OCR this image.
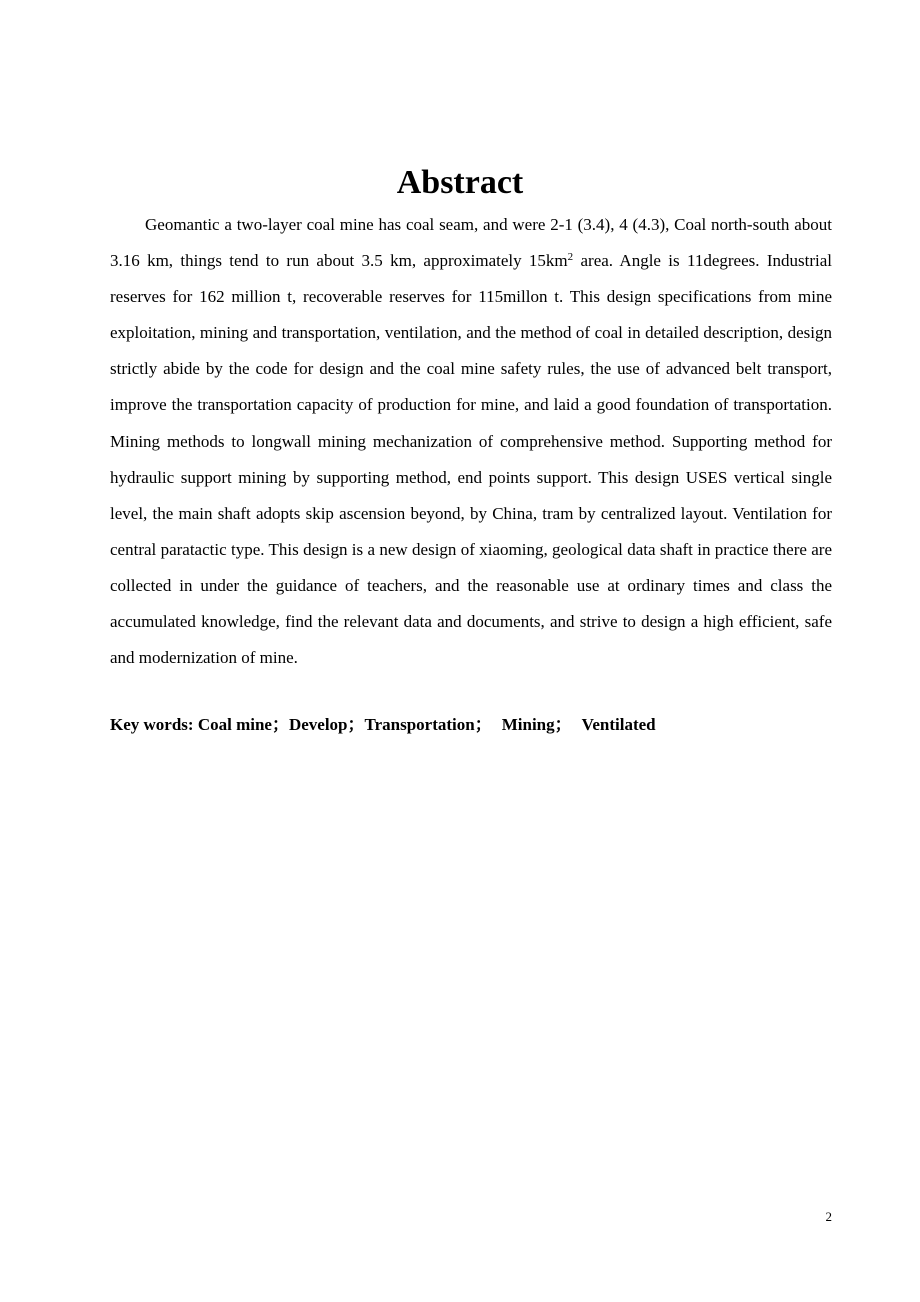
Abstract

Geomantic a two-layer coal mine has coal seam, and were 2-1 (3.4), 4 (4.3), Coal north-south about 3.16 km, things tend to run about 3.5 km, approximately $15km^2$ area. Angle is 11degrees. Industrial reserves for 162 million t, recoverable reserves for 115millon t. This design specifications from mine exploitation, mining and transportation, ventilation, and the method of coal in detailed description, design strictly abide by the code for design and the coal mine safety rules, the use of advanced belt transport, improve the transportation capacity of production for mine, and laid a good foundation of transportation. Mining methods to longwall mining mechanization of comprehensive method. Supporting method for hydraulic support mining by supporting method, end points support. This design USES vertical single level, the main shaft adopts skip ascension beyond, by China, tram by centralized layout. Ventilation for central paratactic type. This design is a new design of xiaoming, geological data shaft in practice there are collected in under the guidance of teachers, and the reasonable use at ordinary times and class the accumulated knowledge, find the relevant data and documents, and strive to design a high efficient, safe and modernization of mine.

Key words: Coal mine；Develop；Transportation； Mining； Ventilated

2
